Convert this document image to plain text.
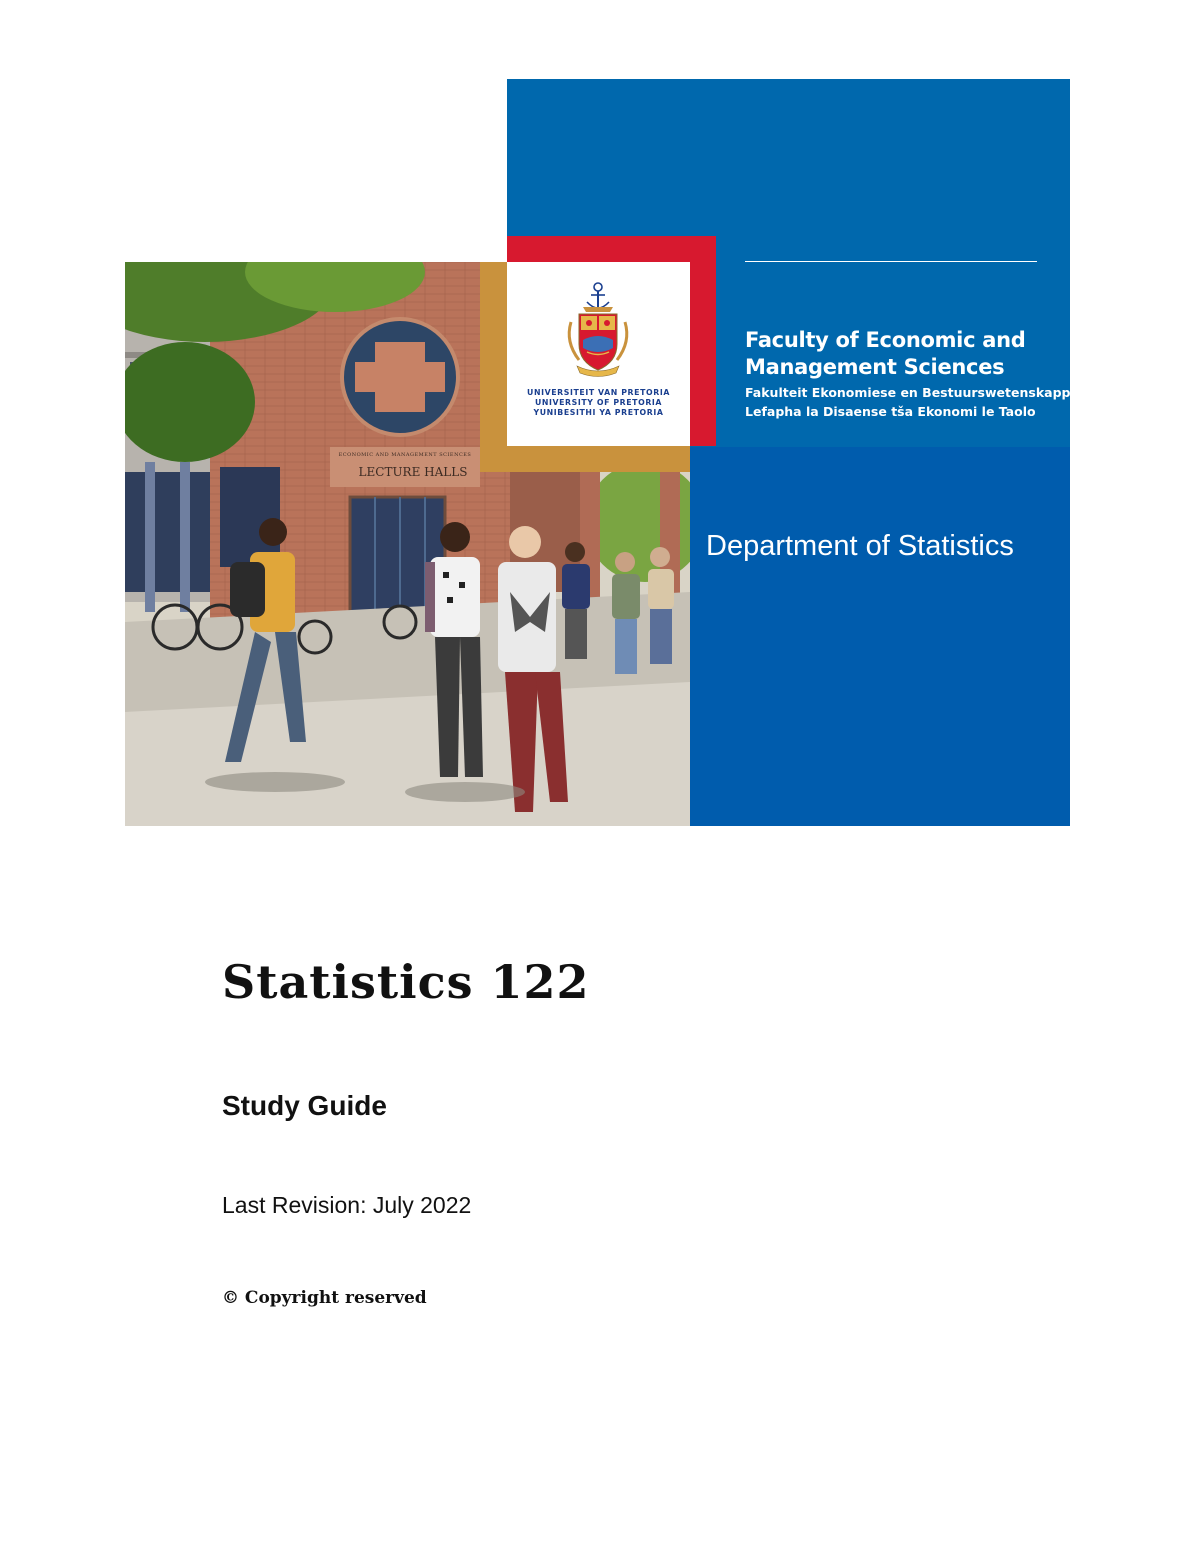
ECONOMIC AND MANAGEMENT SCIENCES
LECTURE HALLS
UNIVERSITEIT VAN PRETORIA
UNIVERSITY OF PRETORIA
YUNIBESITHI YA PRETORIA
Faculty of Economic and
Management Sciences
Fakulteit Ekonomiese en Bestuurswetenskappe
Lefapha la Disaense tša Ekonomi le Taolo
Department of Statistics
Statistics 122
Study Guide
Last Revision: July 2022
© Copyright reserved
